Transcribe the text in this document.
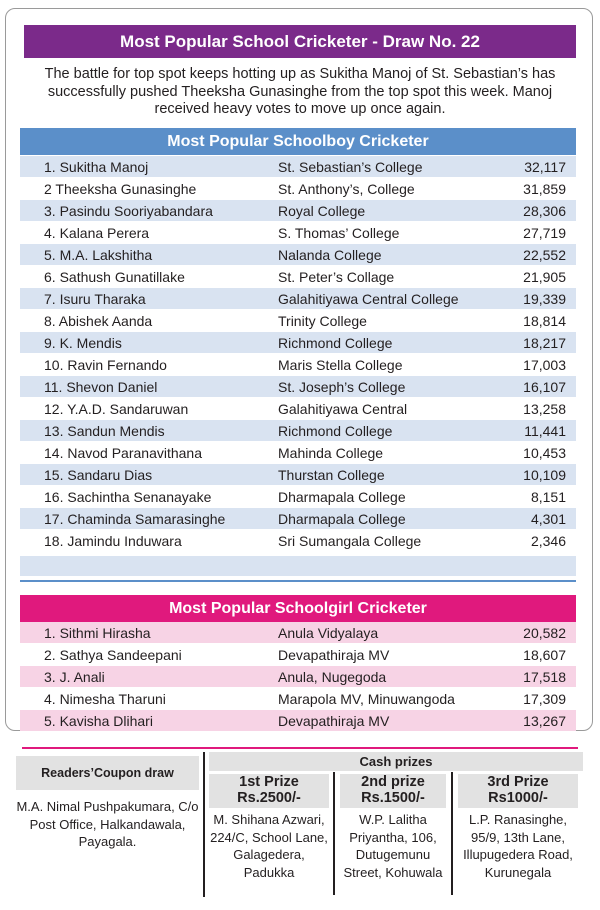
Most Popular School Cricketer - Draw No. 22
The battle for top spot keeps hotting up as Sukitha Manoj of St. Sebastian’s has successfully pushed Theeksha Gunasinghe from the top spot this week. Manoj received heavy votes to move up once again.
Most Popular Schoolboy Cricketer
1. Sukitha Manoj	St. Sebastian’s College	32,117
2 Theeksha Gunasinghe	St. Anthony’s, College	31,859
3. Pasindu Sooriyabandara	Royal College	28,306
4. Kalana Perera	S. Thomas’ College	27,719
5. M.A. Lakshitha	Nalanda College	22,552
6. Sathush Gunatillake	St. Peter’s Collage	21,905
7. Isuru Tharaka	Galahitiyawa Central College	19,339
8. Abishek Aanda	Trinity College	18,814
9. K. Mendis	Richmond College	18,217
10. Ravin Fernando	Maris Stella College	17,003
11. Shevon Daniel	St. Joseph’s College	16,107
12. Y.A.D. Sandaruwan	Galahitiyawa Central	13,258
13. Sandun Mendis	Richmond College	11,441
14. Navod Paranavithana	Mahinda College	10,453
15. Sandaru Dias	Thurstan College	10,109
16. Sachintha Senanayake	Dharmapala College	8,151
17. Chaminda Samarasinghe	Dharmapala College	4,301
18. Jamindu Induwara	Sri Sumangala College	2,346
Most Popular Schoolgirl Cricketer
1. Sithmi Hirasha	Anula Vidyalaya	20,582
2. Sathya Sandeepani	Devapathiraja MV	18,607
3. J. Anali	Anula, Nugegoda	17,518
4. Nimesha Tharuni	Marapola MV, Minuwangoda	17,309
5. Kavisha Dlihari	Devapathiraja MV	13,267
Readers’Coupon draw
M.A. Nimal Pushpakumara, C/o Post Office, Halkandawala, Payagala.
Cash prizes
1st Prize
Rs.2500/-
M. Shihana Azwari, 224/C, School Lane, Galagedera, Padukka
2nd prize
Rs.1500/-
W.P. Lalitha Priyantha, 106, Dutugemunu Street, Kohuwala
3rd Prize
Rs1000/-
L.P. Ranasinghe, 95/9, 13th Lane, Illupugedera Road, Kurunegala
